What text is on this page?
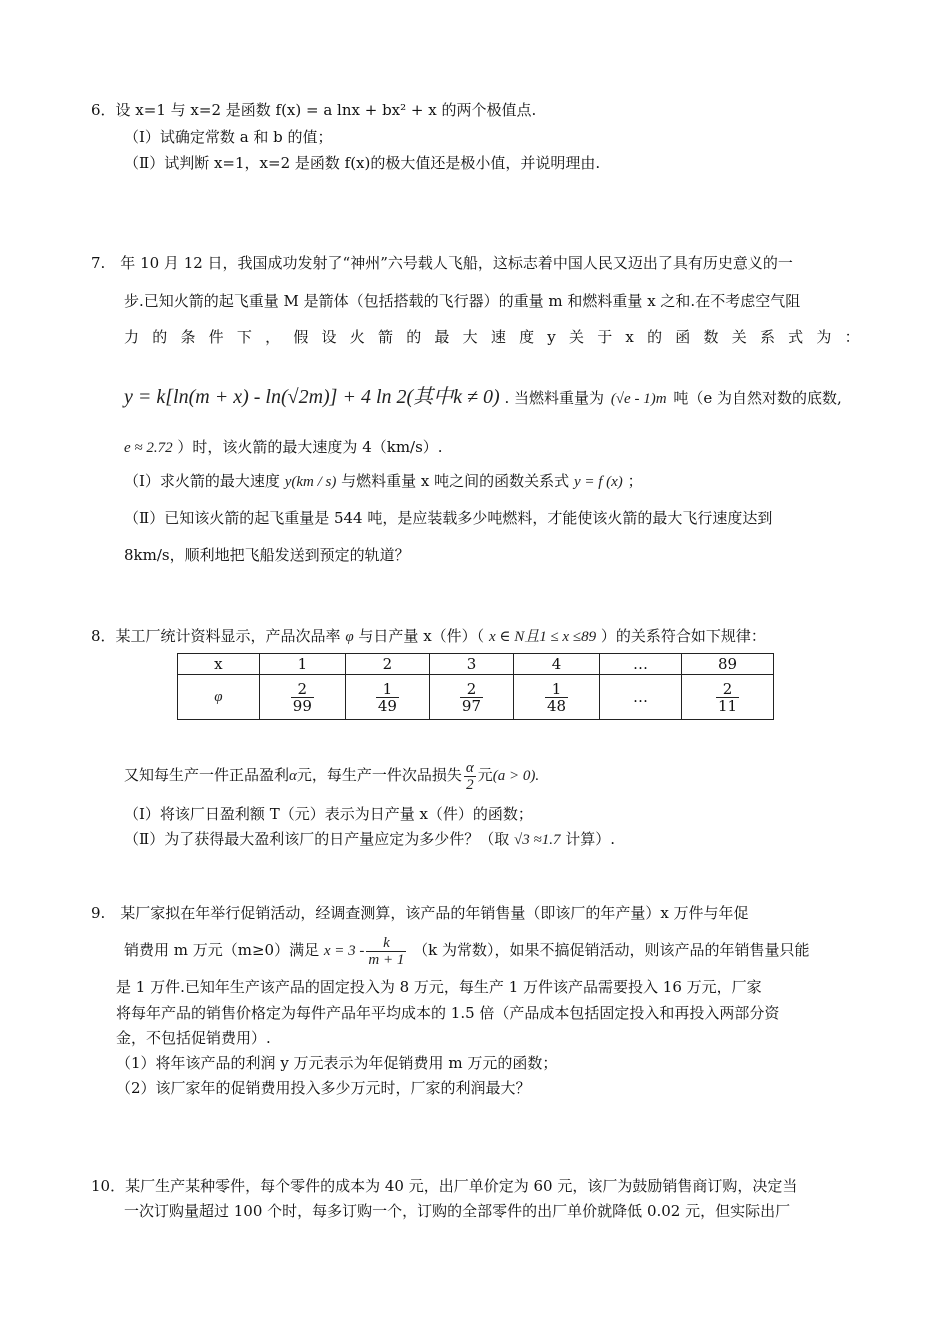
6．设 x=1 与 x=2 是函数 f(x) = a lnx + bx² + x 的两个极值点.
（Ⅰ）试确定常数 a 和 b 的值；
（Ⅱ）试判断 x=1，x=2 是函数 f(x)的极大值还是极小值，并说明理由.
7.　年 10 月 12 日，我国成功发射了“神州”六号载人飞船，这标志着中国人民又迈出了具有历史意义的一
步.已知火箭的起飞重量 M 是箭体（包括搭载的飞行器）的重量 m 和燃料重量 x 之和.在不考虑空气阻
力 的 条 件 下 ， 假 设 火 箭 的 最 大 速 度 y 关 于 x 的 函 数 关 系 式 为 ：
y = k[ln(m + x) - ln(√2m)] + 4 ln 2(其中k ≠ 0) . 当燃料重量为 (√e - 1)m 吨（e 为自然对数的底数,
e ≈ 2.72 ）时，该火箭的最大速度为 4（km/s）.
（Ⅰ）求火箭的最大速度 y(km / s) 与燃料重量 x 吨之间的函数关系式 y = f (x) ；
（Ⅱ）已知该火箭的起飞重量是 544 吨，是应装载多少吨燃料，才能使该火箭的最大飞行速度达到
8km/s，顺利地把飞船发送到预定的轨道？
8．某工厂统计资料显示，产品次品率 φ 与日产量 x（件）（ x ∈ N且1 ≤ x ≤89 ）的关系符合如下规律：
x	1	2	3	4	…	89
φ	$\frac{2}{99}$	$\frac{1}{49}$	$\frac{2}{97}$	$\frac{1}{48}$	…	$\frac{2}{11}$
又知每生产一件正品盈利α元，每生产一件次品损失 $\frac{\alpha}{2}$ 元(a > 0).
（Ⅰ）将该厂日盈利额 T（元）表示为日产量 x（件）的函数；
（Ⅱ）为了获得最大盈利该厂的日产量应定为多少件？（取 √3 ≈1.7 计算）.
9.　某厂家拟在年举行促销活动，经调查测算，该产品的年销售量（即该厂的年产量）x 万件与年促
销费用 m 万元（m≥0）满足 $x = 3 - \frac{k}{m + 1} (k$ 为常数），如果不搞促销活动，则该产品的年销售量只能
是 1 万件.已知年生产该产品的固定投入为 8 万元，每生产 1 万件该产品需要投入 16 万元，厂家
将每年产品的销售价格定为每件产品年平均成本的 1.5 倍（产品成本包括固定投入和再投入两部分资
金，不包括促销费用）.
（1）将年该产品的利润 y 万元表示为年促销费用 m 万元的函数；
（2）该厂家年的促销费用投入多少万元时，厂家的利润最大？
10．某厂生产某种零件，每个零件的成本为 40 元，出厂单价定为 60 元，该厂为鼓励销售商订购，决定当
一次订购量超过 100 个时，每多订购一个，订购的全部零件的出厂单价就降低 0.02 元，但实际出厂
